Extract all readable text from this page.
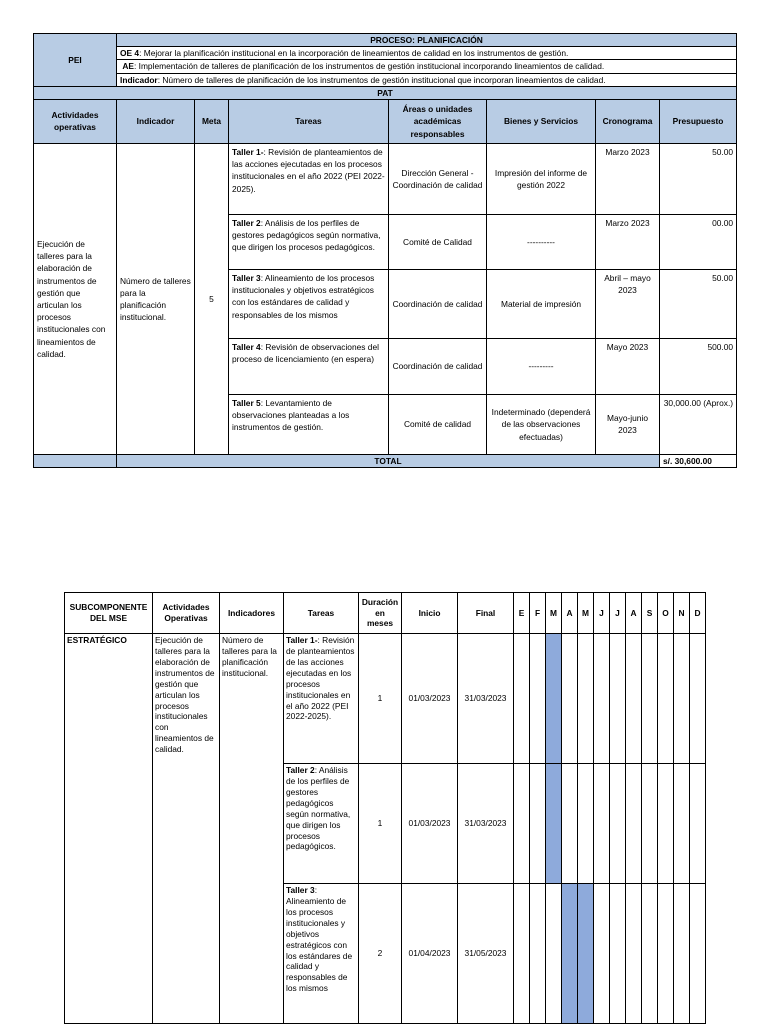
PEI	PROCESO: PLANIFICACIÓN						
	OE 4: Mejorar la planificación institucional en la incorporación de lineamientos de calidad en los instrumentos de gestión.						
	AE: Implementación de talleres de planificación de los instrumentos de gestión institucional incorporando lineamientos de calidad.						
	Indicador: Número de talleres de planificación de los instrumentos de gestión institucional que incorporan lineamientos de calidad.						
PAT							
Actividades operativas	Indicador	Meta	Tareas	Áreas o unidades académicas responsables	Bienes y Servicios	Cronograma	Presupuesto
Ejecución de talleres para la elaboración de instrumentos de gestión que articulan los procesos institucionales con lineamientos de calidad.	Número de talleres para la planificación institucional.	5	Taller 1-: Revisión de planteamientos de las acciones ejecutadas en los procesos institucionales en el año 2022 (PEI 2022-2025).	Dirección General - Coordinación de calidad	Impresión del informe de gestión 2022	Marzo 2023	50.00
			Taller 2: Análisis de los perfiles de gestores pedagógicos según normativa, que dirigen los procesos pedagógicos.	Comité de Calidad	----------	Marzo 2023	00.00
			Taller 3: Alineamiento de los procesos institucionales y objetivos estratégicos con los estándares de calidad y responsables de los mismos	Coordinación de calidad	Material de impresión	Abril – mayo 2023	50.00
			Taller 4: Revisión de observaciones del proceso de licenciamiento (en espera)	Coordinación de calidad	---------	Mayo 2023	500.00
			Taller 5: Levantamiento de observaciones planteadas a los instrumentos de gestión.	Comité de calidad	Indeterminado (dependerá de las observaciones efectuadas)	Mayo-junio 2023	30,000.00 (Aprox.)
	TOTAL						s/. 30,600.00
SUBCOMPONENTE DEL MSE	Actividades Operativas	Indicadores	Tareas	Duración en meses	Inicio	Final	E	F	M	A	M	J	J	A	S	O	N	D
ESTRATÉGICO	Ejecución de talleres para la elaboración de instrumentos de gestión que articulan los procesos institucionales con lineamientos de calidad.	Número de talleres para la planificación institucional.	Taller 1-: Revisión de planteamientos de las acciones ejecutadas en los procesos institucionales en el año 2022 (PEI 2022-2025).	1	01/03/2023	31/03/2023												
			Taller 2: Análisis de los perfiles de gestores pedagógicos según normativa, que dirigen los procesos pedagógicos.	1	01/03/2023	31/03/2023												
			Taller 3: Alineamiento de los procesos institucionales y objetivos estratégicos con los estándares de calidad y responsables de los mismos	2	01/04/2023	31/05/2023												
